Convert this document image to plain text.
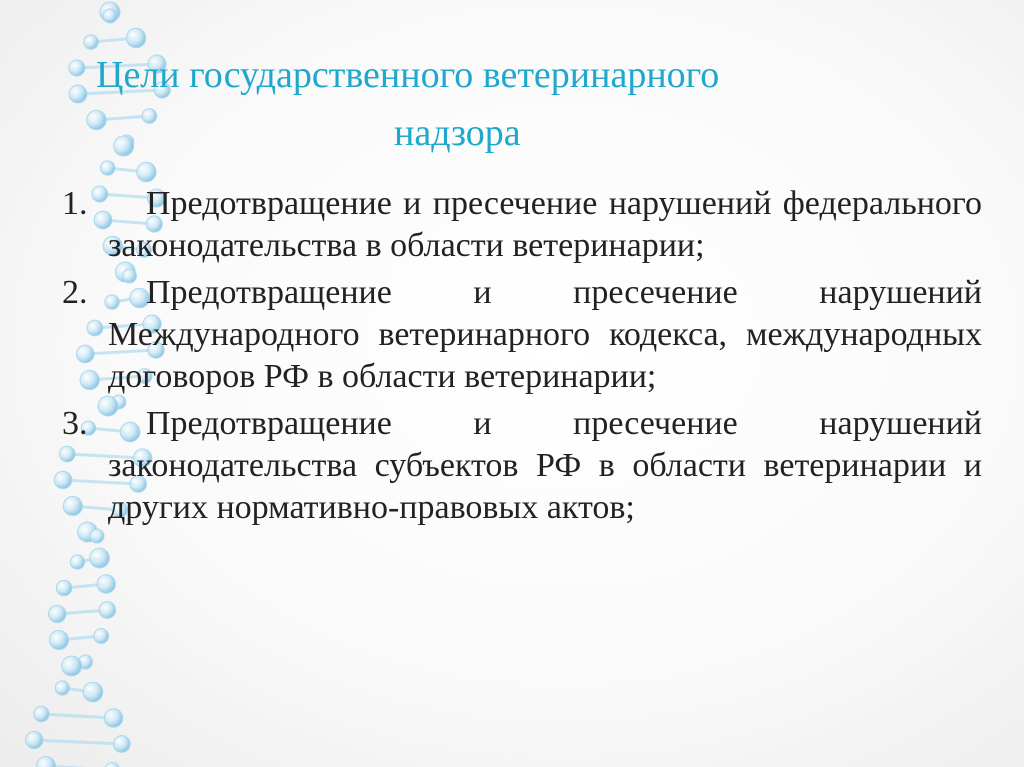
Цели государственного ветеринарного
надзора
1.	Предотвращение и пресечение нарушений федерального законодательства в области ветеринарии;
2.	Предотвращение и пресечение нарушений Международного ветеринарного кодекса, международных договоров РФ в области ветеринарии;
3.	Предотвращение и пресечение нарушений законодательства субъектов РФ в области ветеринарии и других нормативно-правовых актов;
